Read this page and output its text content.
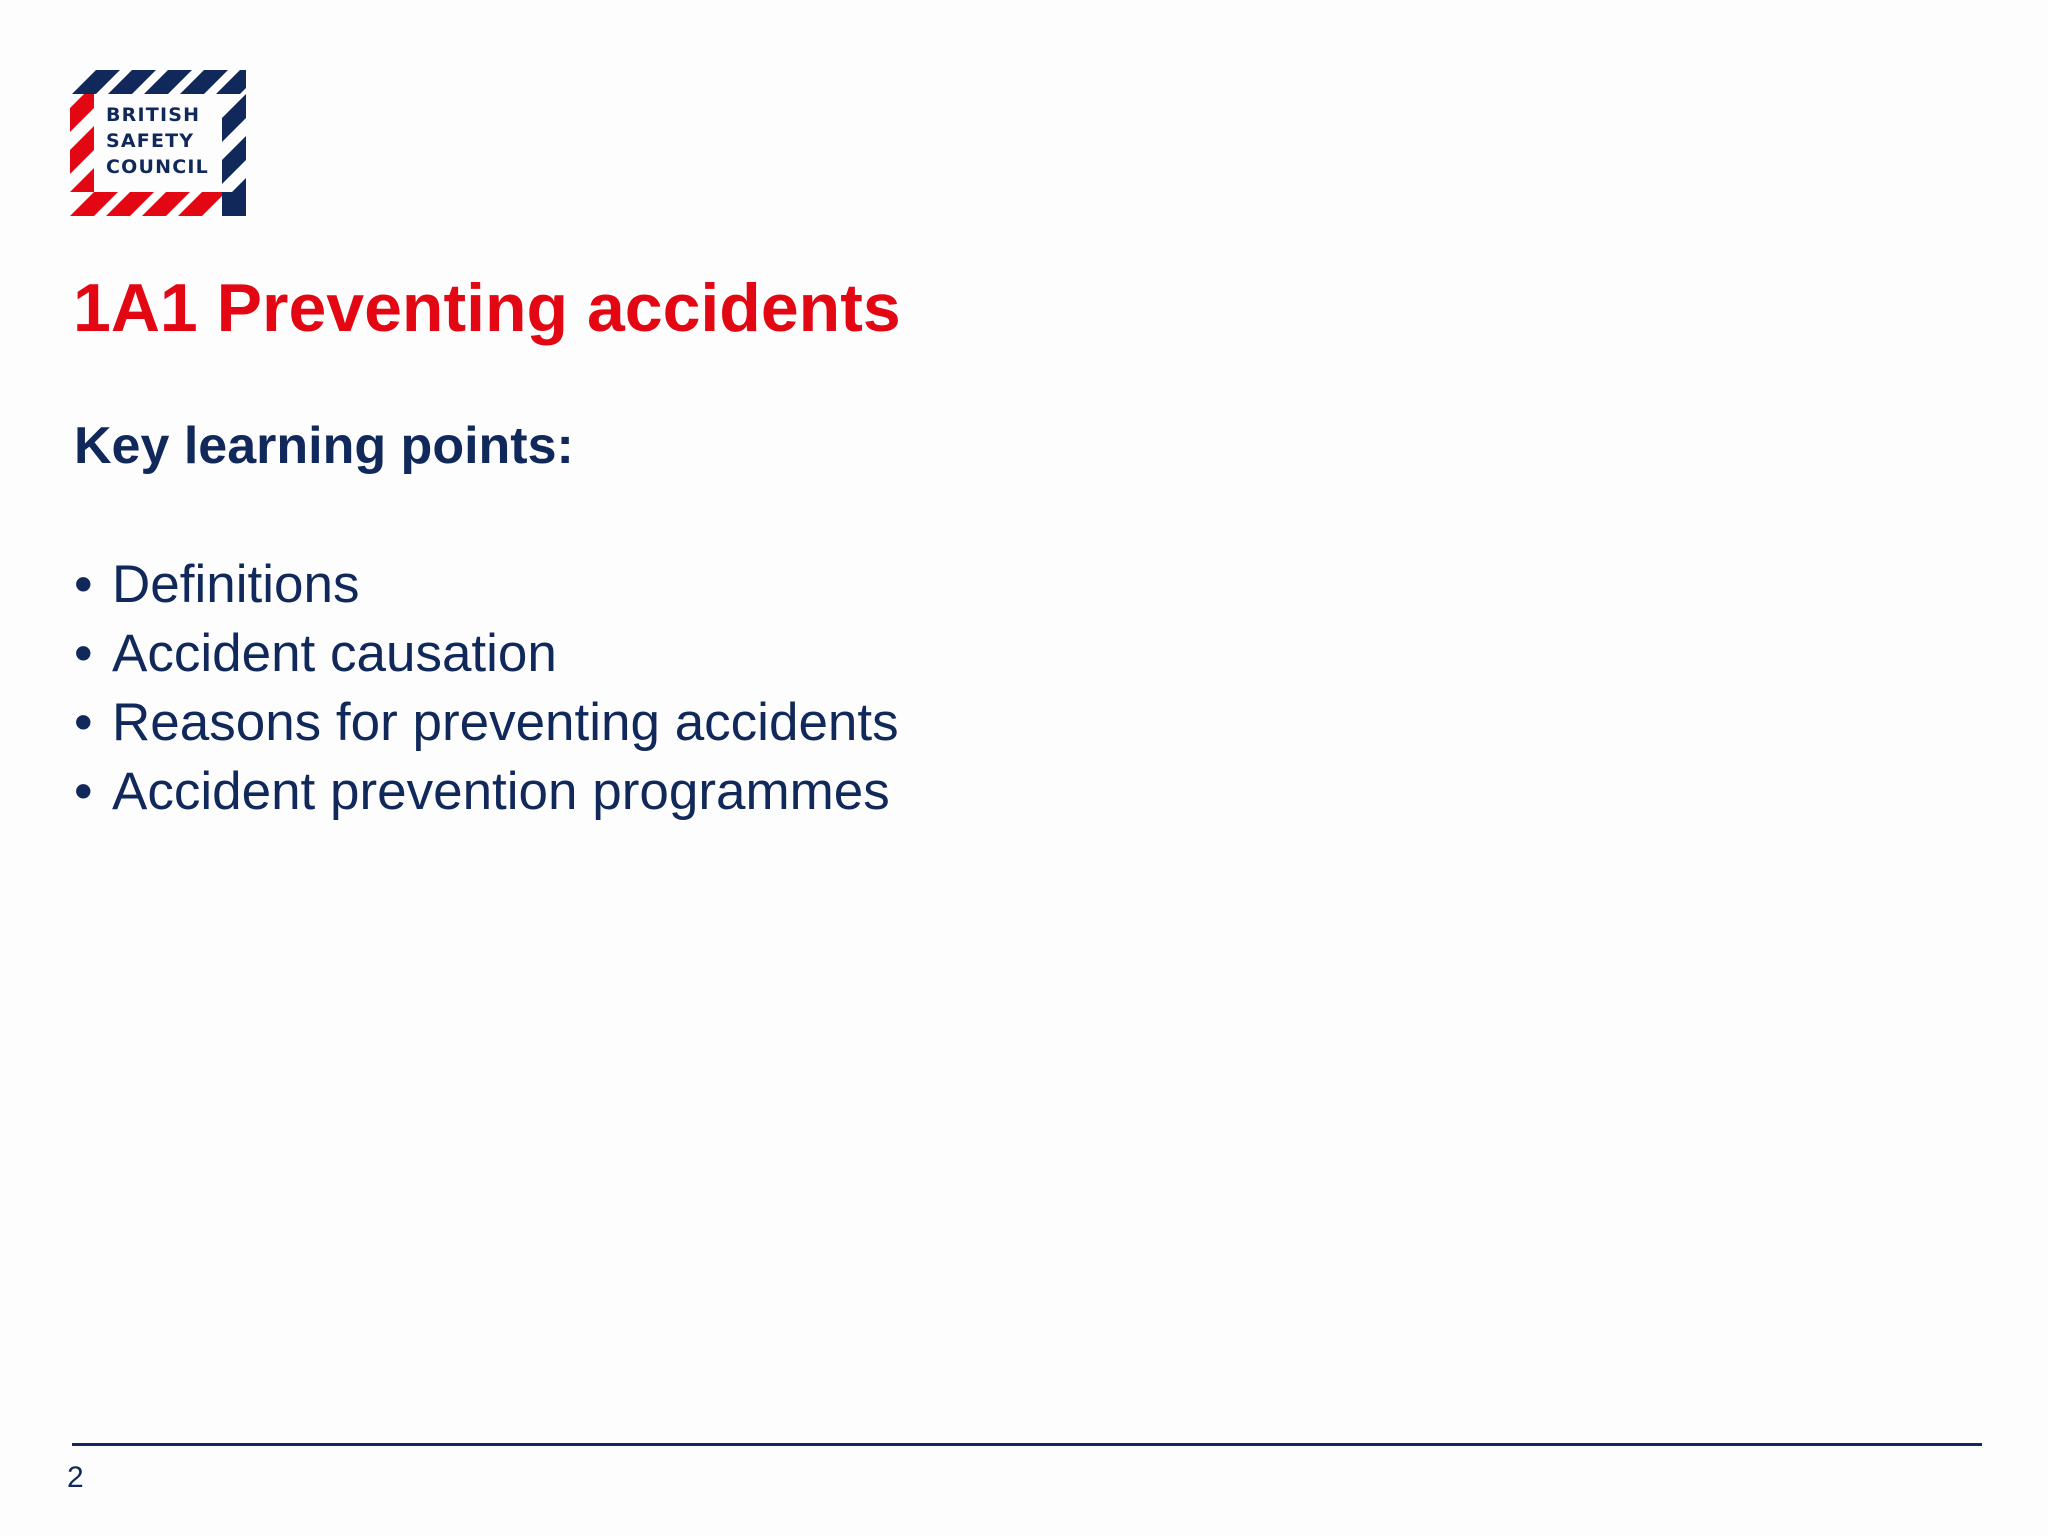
BRITISH
SAFETY
COUNCIL
1A1 Preventing accidents
Key learning points:
• Definitions
• Accident causation
• Reasons for preventing accidents
• Accident prevention programmes
2
